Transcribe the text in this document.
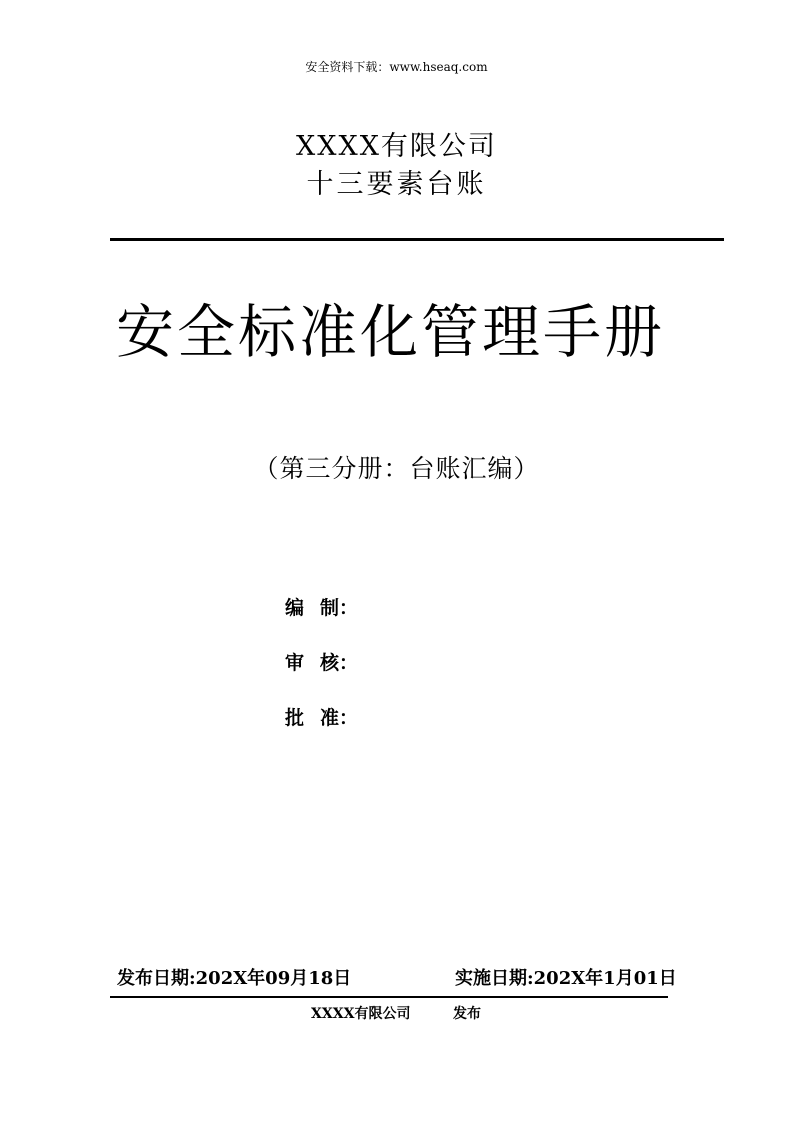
安全资料下载：www.hseaq.com
XXXX有限公司
十三要素台账
安全标准化管理手册
（第三分册：台账汇编）
编 制：
审 核：
批 准：
发布日期:202X年09月18日	实施日期:202X年1月01日
XXXX有限公司	发布
